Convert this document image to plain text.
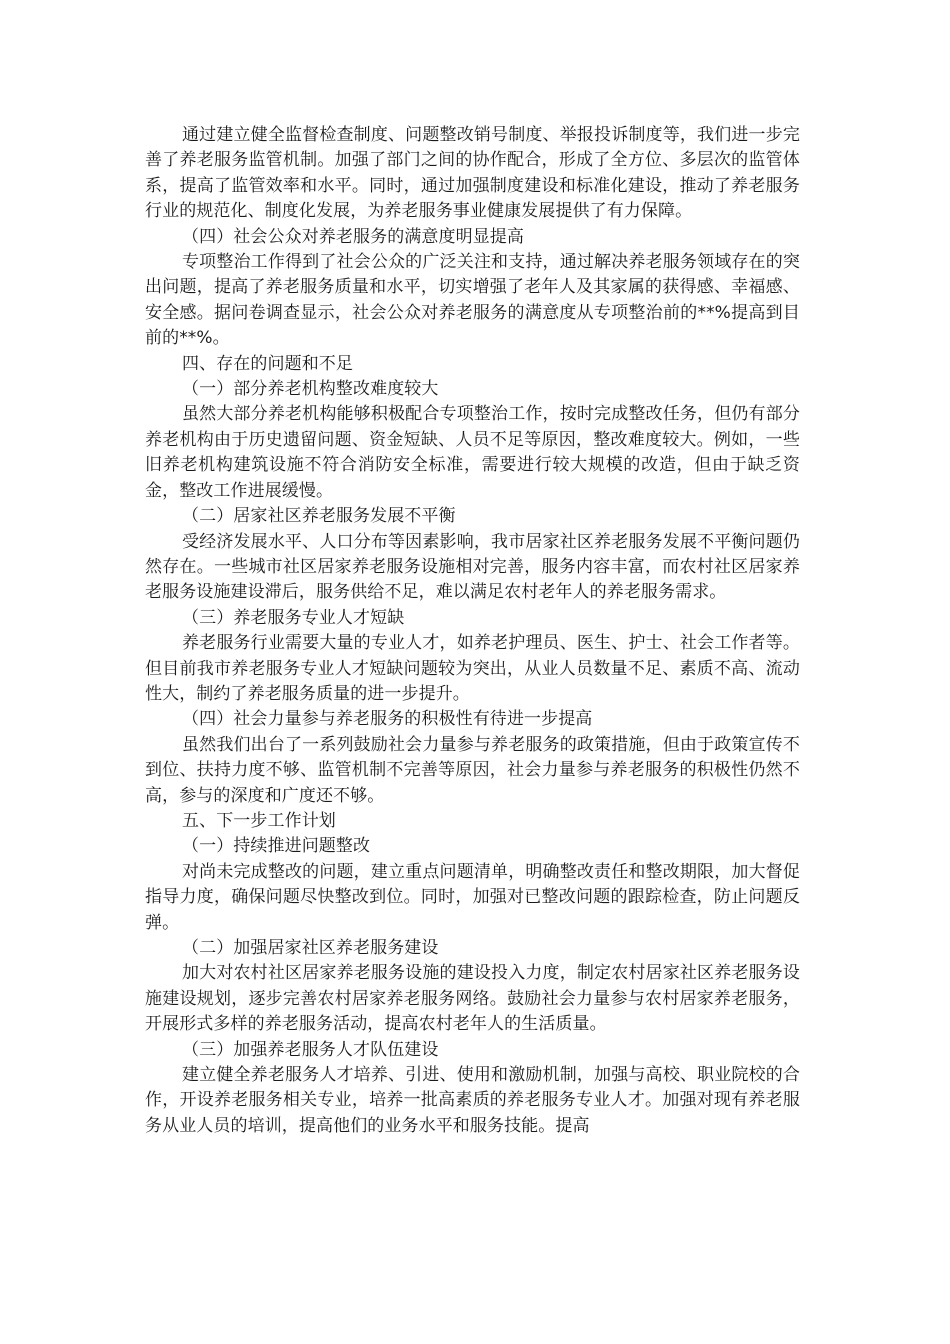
通过建立健全监督检查制度、问题整改销号制度、举报投诉制度等，我们进一步完善了养老服务监管机制。加强了部门之间的协作配合，形成了全方位、多层次的监管体系，提高了监管效率和水平。同时，通过加强制度建设和标准化建设，推动了养老服务行业的规范化、制度化发展，为养老服务事业健康发展提供了有力保障。

（四）社会公众对养老服务的满意度明显提高

专项整治工作得到了社会公众的广泛关注和支持，通过解决养老服务领域存在的突出问题，提高了养老服务质量和水平，切实增强了老年人及其家属的获得感、幸福感、安全感。据问卷调查显示，社会公众对养老服务的满意度从专项整治前的**%提高到目前的**%。

四、存在的问题和不足

（一）部分养老机构整改难度较大

虽然大部分养老机构能够积极配合专项整治工作，按时完成整改任务，但仍有部分养老机构由于历史遗留问题、资金短缺、人员不足等原因，整改难度较大。例如，一些旧养老机构建筑设施不符合消防安全标准，需要进行较大规模的改造，但由于缺乏资金，整改工作进展缓慢。

（二）居家社区养老服务发展不平衡

受经济发展水平、人口分布等因素影响，我市居家社区养老服务发展不平衡问题仍然存在。一些城市社区居家养老服务设施相对完善，服务内容丰富，而农村社区居家养老服务设施建设滞后，服务供给不足，难以满足农村老年人的养老服务需求。

（三）养老服务专业人才短缺

养老服务行业需要大量的专业人才，如养老护理员、医生、护士、社会工作者等。但目前我市养老服务专业人才短缺问题较为突出，从业人员数量不足、素质不高、流动性大，制约了养老服务质量的进一步提升。

（四）社会力量参与养老服务的积极性有待进一步提高

虽然我们出台了一系列鼓励社会力量参与养老服务的政策措施，但由于政策宣传不到位、扶持力度不够、监管机制不完善等原因，社会力量参与养老服务的积极性仍然不高，参与的深度和广度还不够。

五、下一步工作计划

（一）持续推进问题整改

对尚未完成整改的问题，建立重点问题清单，明确整改责任和整改期限，加大督促指导力度，确保问题尽快整改到位。同时，加强对已整改问题的跟踪检查，防止问题反弹。

（二）加强居家社区养老服务建设

加大对农村社区居家养老服务设施的建设投入力度，制定农村居家社区养老服务设施建设规划，逐步完善农村居家养老服务网络。鼓励社会力量参与农村居家养老服务，开展形式多样的养老服务活动，提高农村老年人的生活质量。

（三）加强养老服务人才队伍建设

建立健全养老服务人才培养、引进、使用和激励机制，加强与高校、职业院校的合作，开设养老服务相关专业，培养一批高素质的养老服务专业人才。加强对现有养老服务从业人员的培训，提高他们的业务水平和服务技能。提高
